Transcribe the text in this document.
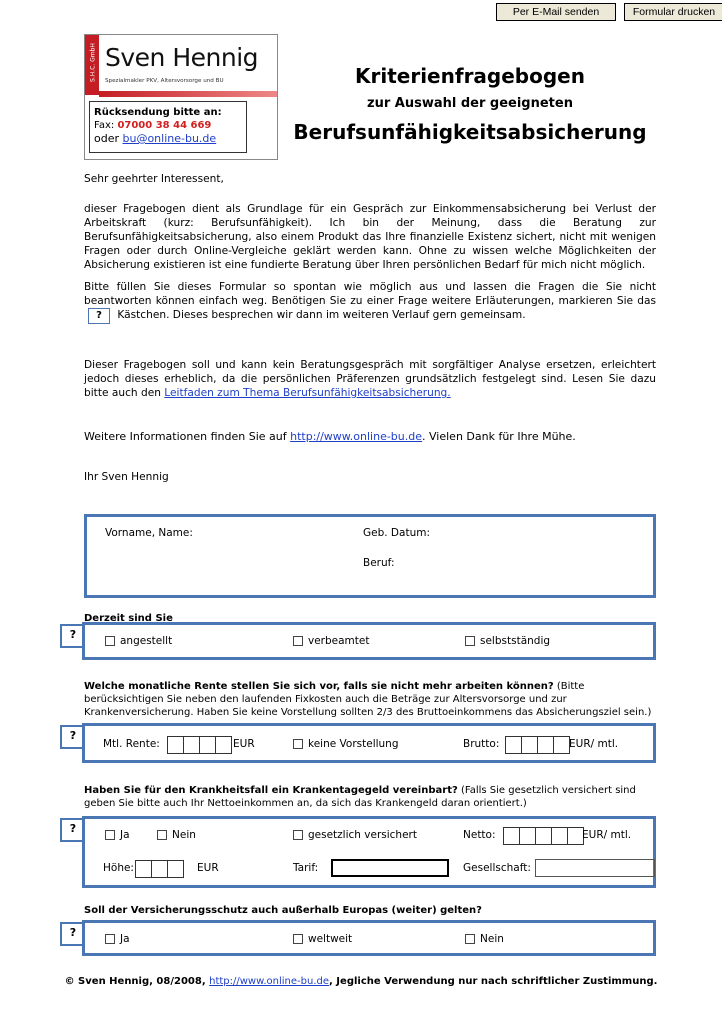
Per E-Mail senden	Formular drucken
S.H.C. GmbH Sven Hennig
Spezialmakler PKV, Altersvorsorge und BU
Rücksendung bitte an:
Fax: 07000 38 44 669
oder bu@online-bu.de
Kriterienfragebogen
zur Auswahl der geeigneten
Berufsunfähigkeitsabsicherung
Sehr geehrter Interessent,
dieser Fragebogen dient als Grundlage für ein Gespräch zur Einkommensabsicherung bei Verlust der Arbeitskraft (kurz: Berufsunfähigkeit). Ich bin der Meinung, dass die Beratung zur Berufsunfähigkeitsabsicherung, also einem Produkt das Ihre finanzielle Existenz sichert, nicht mit wenigen Fragen oder durch Online-Vergleiche geklärt werden kann. Ohne zu wissen welche Möglichkeiten der Absicherung existieren ist eine fundierte Beratung über Ihren persönlichen Bedarf für mich nicht möglich.
Bitte füllen Sie dieses Formular so spontan wie möglich aus und lassen die Fragen die Sie nicht beantworten können einfach weg. Benötigen Sie zu einer Frage weitere Erläuterungen, markieren Sie das ? Kästchen. Dieses besprechen wir dann im weiteren Verlauf gern gemeinsam.
Dieser Fragebogen soll und kann kein Beratungsgespräch mit sorgfältiger Analyse ersetzen, erleichtert jedoch dieses erheblich, da die persönlichen Präferenzen grundsätzlich festgelegt sind. Lesen Sie dazu bitte auch den Leitfaden zum Thema Berufsunfähigkeitsabsicherung.
Weitere Informationen finden Sie auf http://www.online-bu.de. Vielen Dank für Ihre Mühe.
Ihr Sven Hennig
Vorname, Name:	Geb. Datum:
Beruf:
Derzeit sind Sie
?	angestellt	verbeamtet	selbstständig
Welche monatliche Rente stellen Sie sich vor, falls sie nicht mehr arbeiten können? (Bitte berücksichtigen Sie neben den laufenden Fixkosten auch die Beträge zur Altersvorsorge und zur Krankenversicherung. Haben Sie keine Vorstellung sollten 2/3 des Bruttoeinkommens das Absicherungsziel sein.)
?
Mtl. Rente:	EUR	keine Vorstellung	Brutto:	EUR/ mtl.
Haben Sie für den Krankheitsfall ein Krankentagegeld vereinbart? (Falls Sie gesetzlich versichert sind geben Sie bitte auch Ihr Nettoeinkommen an, da sich das Krankengeld daran orientiert.)
?	Ja	Nein	gesetzlich versichert	Netto:	EUR/ mtl.
Höhe:	EUR	Tarif:	Gesellschaft:
Soll der Versicherungsschutz auch außerhalb Europas (weiter) gelten?
?	Ja	weltweit	Nein
© Sven Hennig, 08/2008, http://www.online-bu.de, Jegliche Verwendung nur nach schriftlicher Zustimmung.
